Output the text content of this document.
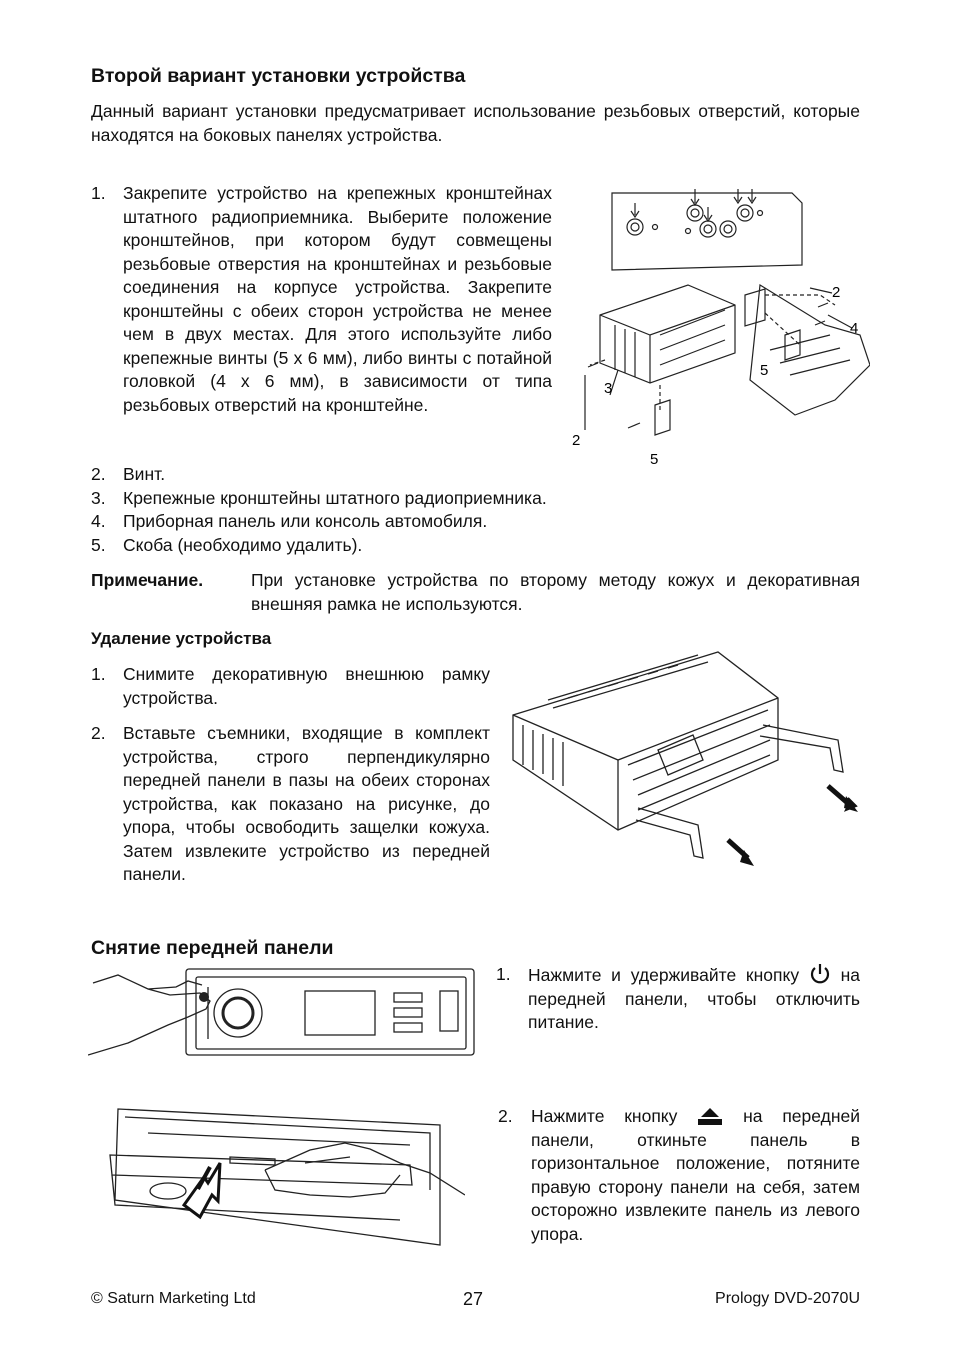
Второй вариант установки устройства
Данный вариант установки предусматривает использование резьбовых отверстий, которые находятся на боковых панелях устройства.
1. Закрепите устройство на крепежных кронштейнах штатного радиоприемника. Выберите положение кронштейнов, при котором будут совмещены резьбовые отверстия на кронштейнах и резьбовые соединения на корпусе устройства. Закрепите кронштейны с обеих сторон устройства не менее чем в двух местах. Для этого используйте либо крепежные винты (5 х 6 мм), либо винты с потайной головкой (4 х 6 мм), в зависимости от типа резьбовых отверстий на кронштейне.
2. Винт.
3. Крепежные кронштейны штатного радиоприемника.
4. Приборная панель или консоль автомобиля.
5. Скоба (необходимо удалить).
2
4
5
3
2
5
Примечание.	При установке устройства по второму методу кожух и декоративная внешняя рамка не используются.
Удаление устройства
1. Снимите декоративную внешнюю рамку устройства.
2. Вставьте съемники, входящие в комплект устройства, строго перпендикулярно передней панели в пазы на обеих сторонах устройства, как показано на рисунке, до упора, чтобы освободить защелки кожуха. Затем извлеките устройство из передней панели.
Снятие передней панели
1. Нажмите и удерживайте кнопку на передней панели, чтобы отключить питание.
2. Нажмите кнопку	на передней панели, откиньте панель в горизонтальное положение, потяните правую сторону панели на себя, затем осторожно извлеките панель из левого упора.
© Saturn Marketing Ltd	27	Prology DVD-2070U
